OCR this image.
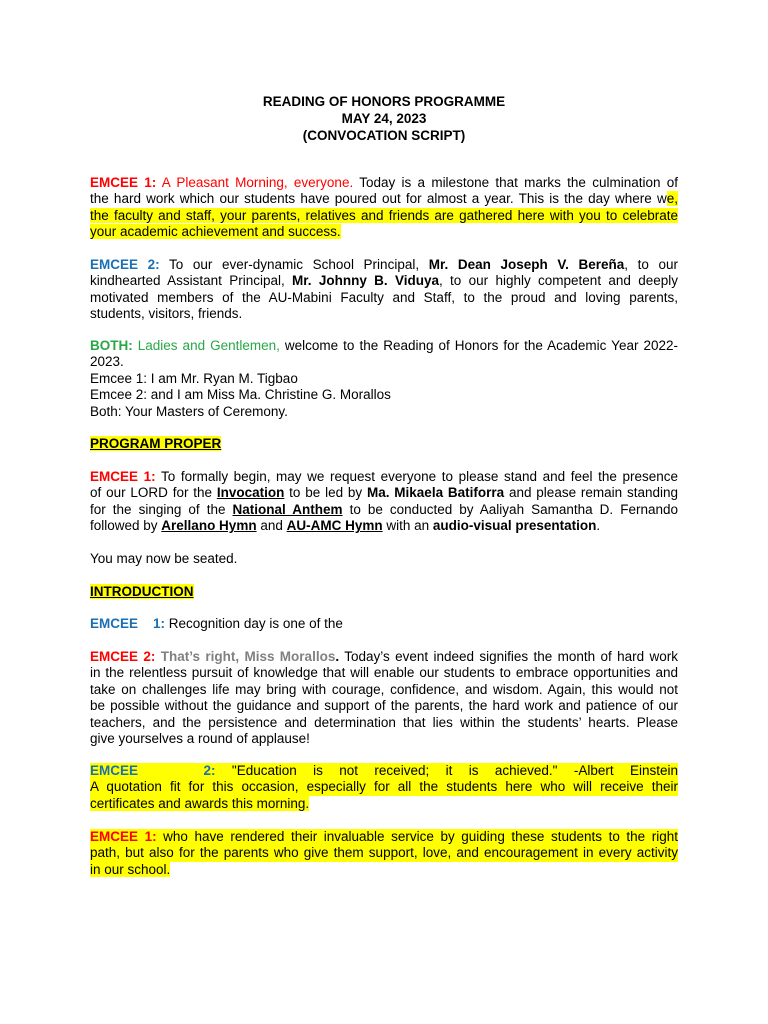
READING OF HONORS PROGRAMME
MAY 24, 2023
(CONVOCATION SCRIPT)
EMCEE 1: A Pleasant Morning, everyone. Today is a milestone that marks the culmination of
the hard work which our students have poured out for almost a year. This is the day where we,
the faculty and staff, your parents, relatives and friends are gathered here with you to celebrate
your academic achievement and success.
EMCEE 2: To our ever-dynamic School Principal, Mr. Dean Joseph V. Bereña, to our
kindhearted Assistant Principal, Mr. Johnny B. Viduya, to our highly competent and deeply
motivated members of the AU-Mabini Faculty and Staff, to the proud and loving parents,
students, visitors, friends.
BOTH: Ladies and Gentlemen, welcome to the Reading of Honors for the Academic Year 2022-
2023.
Emcee 1: I am Mr. Ryan M. Tigbao
Emcee 2: and I am Miss Ma. Christine G. Morallos
Both: Your Masters of Ceremony.
PROGRAM PROPER
EMCEE 1: To formally begin, may we request everyone to please stand and feel the presence
of our LORD for the Invocation to be led by Ma. Mikaela Batiforra and please remain standing
for the singing of the National Anthem to be conducted by Aaliyah Samantha D. Fernando
followed by Arellano Hymn and AU-AMC Hymn with an audio-visual presentation.
You may now be seated.
INTRODUCTION
EMCEE    1: Recognition day is one of the
EMCEE 2: That’s right, Miss Morallos. Today’s event indeed signifies the month of hard work
in the relentless pursuit of knowledge that will enable our students to embrace opportunities and
take on challenges life may bring with courage, confidence, and wisdom. Again, this would not
be possible without the guidance and support of the parents, the hard work and patience of our
teachers, and the persistence and determination that lies within the students’ hearts. Please
give yourselves a round of applause!
EMCEE    2: "Education is not received; it is achieved." -Albert Einstein
A quotation fit for this occasion, especially for all the students here who will receive their
certificates and awards this morning.
EMCEE 1: who have rendered their invaluable service by guiding these students to the right
path, but also for the parents who give them support, love, and encouragement in every activity
in our school.
